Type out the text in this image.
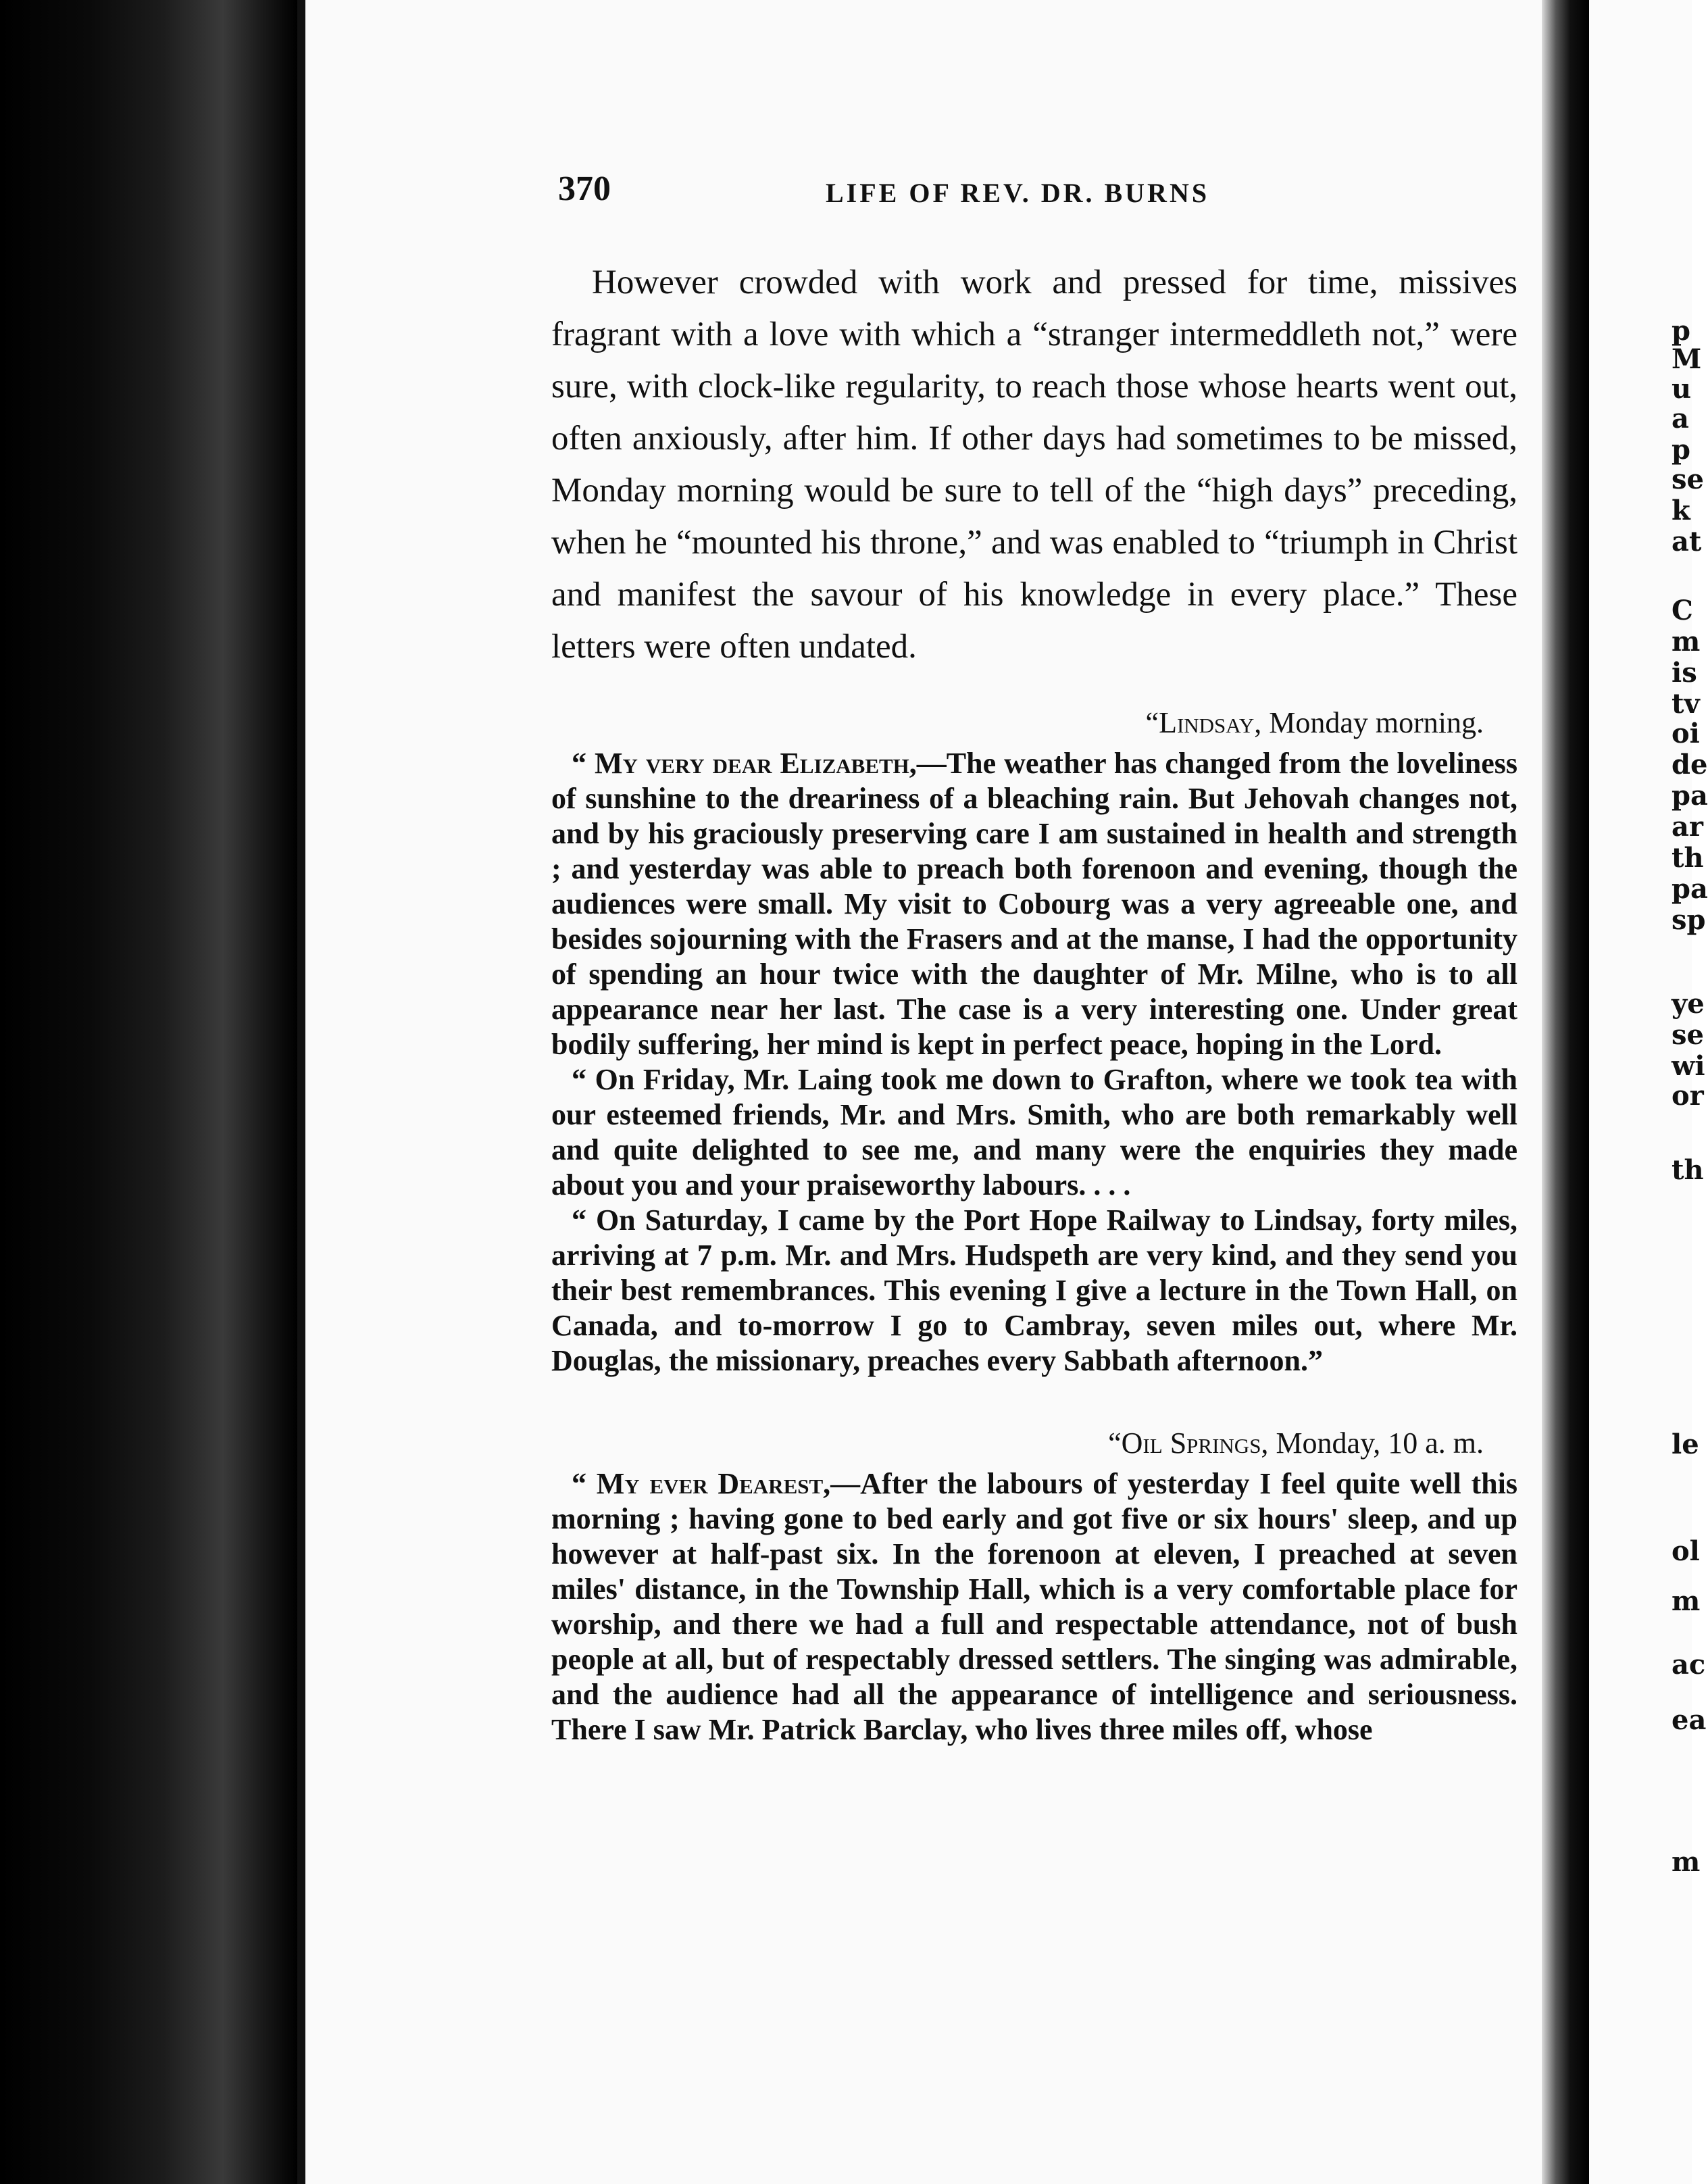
370	LIFE OF REV. DR. BURNS

However crowded with work and pressed for time, missives fragrant with a love with which a “stranger intermeddleth not,” were sure, with clock-like regularity, to reach those whose hearts went out, often anxiously, after him. If other days had sometimes to be missed, Monday morning would be sure to tell of the “high days” preceding, when he “mounted his throne,” and was enabled to “triumph in Christ and manifest the savour of his knowledge in every place.” These letters were often undated.

“Lindsay, Monday morning.

“ My very dear Elizabeth,—The weather has changed from the loveliness of sunshine to the dreariness of a bleaching rain. But Jehovah changes not, and by his graciously preserving care I am sustained in health and strength ; and yesterday was able to preach both forenoon and evening, though the audiences were small. My visit to Cobourg was a very agreeable one, and besides sojourning with the Frasers and at the manse, I had the opportunity of spending an hour twice with the daughter of Mr. Milne, who is to all appearance near her last. The case is a very interesting one. Under great bodily suffering, her mind is kept in perfect peace, hoping in the Lord.

“ On Friday, Mr. Laing took me down to Grafton, where we took tea with our esteemed friends, Mr. and Mrs. Smith, who are both remarkably well and quite delighted to see me, and many were the enquiries they made about you and your praiseworthy labours. . . .

“ On Saturday, I came by the Port Hope Railway to Lindsay, forty miles, arriving at 7 p.m. Mr. and Mrs. Hudspeth are very kind, and they send you their best remembrances. This evening I give a lecture in the Town Hall, on Canada, and to-morrow I go to Cambray, seven miles out, where Mr. Douglas, the missionary, preaches every Sabbath afternoon.”

“Oil Springs, Monday, 10 a. m.

“ My ever Dearest,—After the labours of yesterday I feel quite well this morning ; having gone to bed early and got five or six hours' sleep, and up however at half-past six. In the forenoon at eleven, I preached at seven miles' distance, in the Township Hall, which is a very comfortable place for worship, and there we had a full and respectable attendance, not of bush people at all, but of respectably dressed settlers. The singing was admirable, and the audience had all the appearance of intelligence and seriousness. There I saw Mr. Patrick Barclay, who lives three miles off, whose

p
M
u
a
p
se
k
at
C
m
is
tv
oi
de
pa
ar
th
pa
sp
ye
se
wi
or
th
le
ol
m
ac
ea
m
